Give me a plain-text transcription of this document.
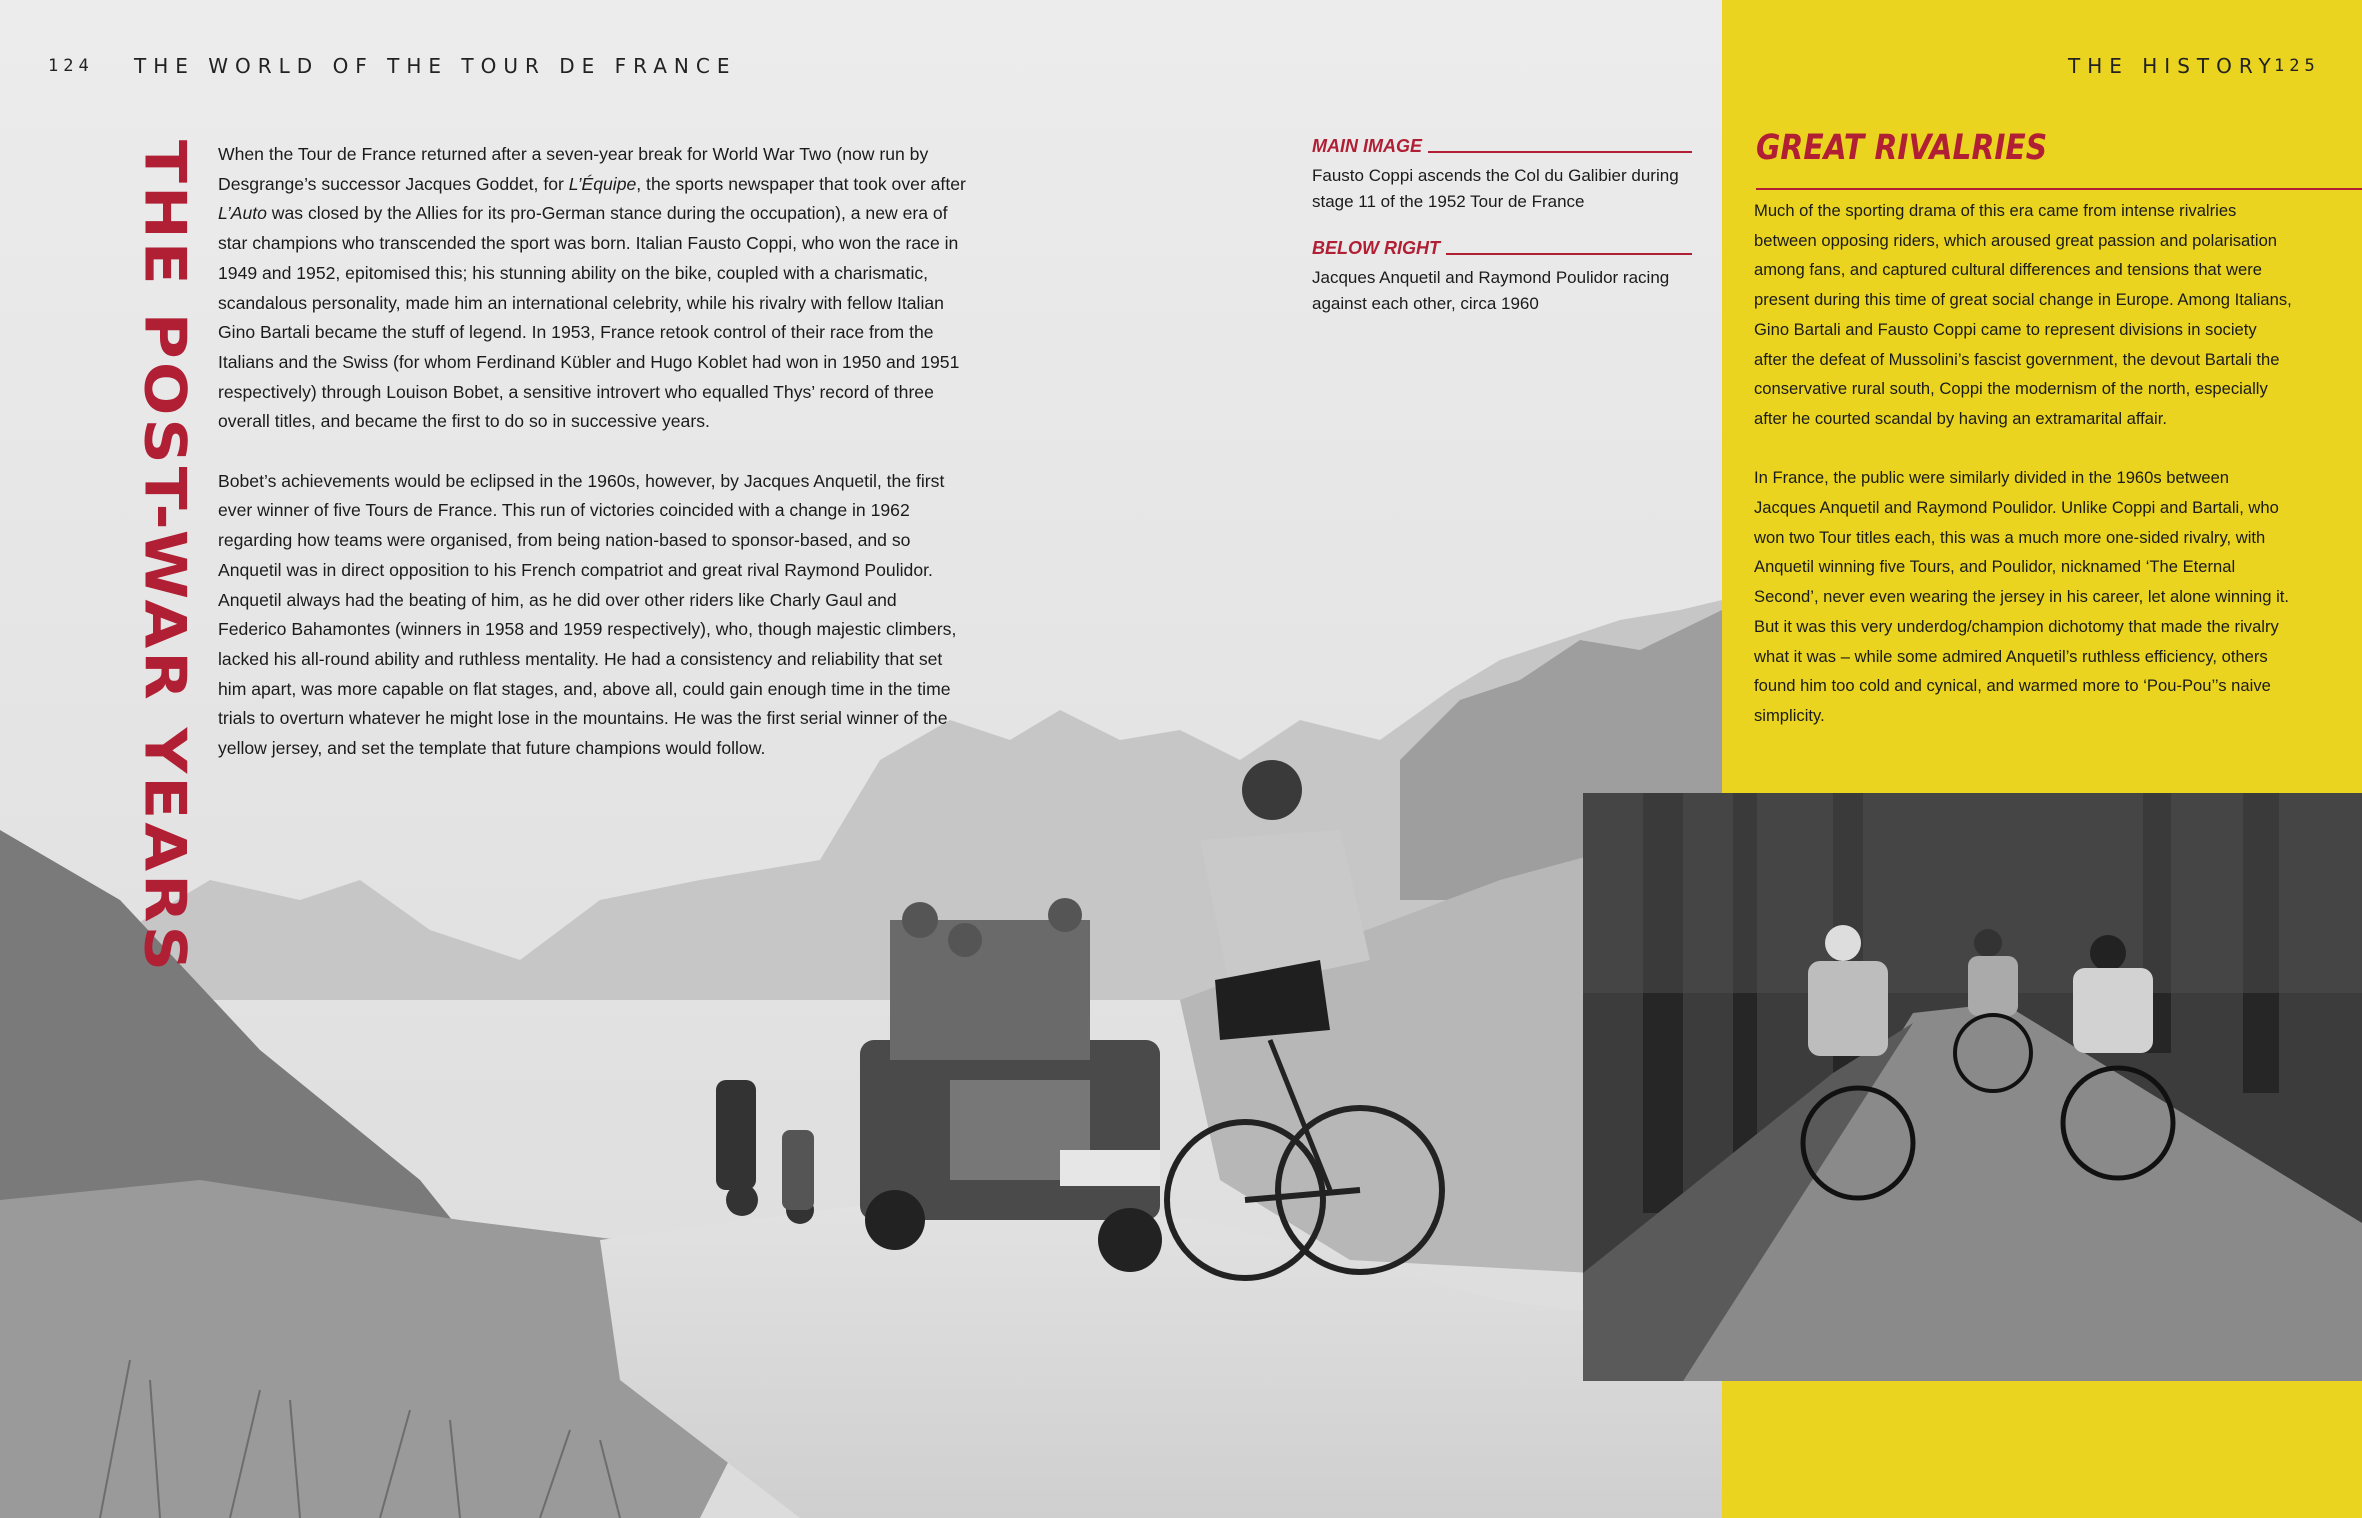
124 THE WORLD OF THE TOUR DE FRANCE	THE HISTORY
125
THE POST-WAR YEARS When the Tour de France returned after a seven-year break for World War Two (now run by Desgrange’s successor Jacques Goddet, for L’Équipe, the sports newspaper that took over after L’Auto was closed by the Allies for its pro-German stance during the occupation), a new era of star champions who transcended the sport was born. Italian Fausto Coppi, who won the race in 1949 and 1952, epitomised this; his stunning ability on the bike, coupled with a charismatic, scandalous personality, made him an international celebrity, while his rivalry with fellow Italian Gino Bartali became the stuff of legend. In 1953, France retook control of their race from the Italians and the Swiss (for whom Ferdinand Kübler and Hugo Koblet had won in 1950 and 1951 respectively) through Louison Bobet, a sensitive introvert who equalled Thys’ record of three overall titles, and became the first to do so in successive years.

Bobet’s achievements would be eclipsed in the 1960s, however, by Jacques Anquetil, the first ever winner of five Tours de France. This run of victories coincided with a change in 1962 regarding how teams were organised, from being nation-based to sponsor-based, and so Anquetil was in direct opposition to his French compatriot and great rival Raymond Poulidor. Anquetil always had the beating of him, as he did over other riders like Charly Gaul and Federico Bahamontes (winners in 1958 and 1959 respectively), who, though majestic climbers, lacked his all-round ability and ruthless mentality. He had a consistency and reliability that set him apart, was more capable on flat stages, and, above all, could gain enough time in the time trials to overturn whatever he might lose in the mountains. He was the first serial winner of the yellow jersey, and set the template that future champions would follow.

MAIN IMAGE
Fausto Coppi ascends the Col du Galibier during stage 11 of the 1952 Tour de France
BELOW RIGHT
Jacques Anquetil and Raymond Poulidor racing against each other, circa 1960
GREAT RIVALRIES

Much of the sporting drama of this era came from intense rivalries between opposing riders, which aroused great passion and polarisation among fans, and captured cultural differences and tensions that were present during this time of great social change in Europe. Among Italians, Gino Bartali and Fausto Coppi came to represent divisions in society after the defeat of Mussolini’s fascist government, the devout Bartali the conservative rural south, Coppi the modernism of the north, especially after he courted scandal by having an extramarital affair.

In France, the public were similarly divided in the 1960s between Jacques Anquetil and Raymond Poulidor. Unlike Coppi and Bartali, who won two Tour titles each, this was a much more one-sided rivalry, with Anquetil winning five Tours, and Poulidor, nicknamed ‘The Eternal Second’, never even wearing the jersey in his career, let alone winning it. But it was this very underdog/champion dichotomy that made the rivalry what it was – while some admired Anquetil’s ruthless efficiency, others found him too cold and cynical, and warmed more to ‘Pou-Pou’’s naive simplicity.
